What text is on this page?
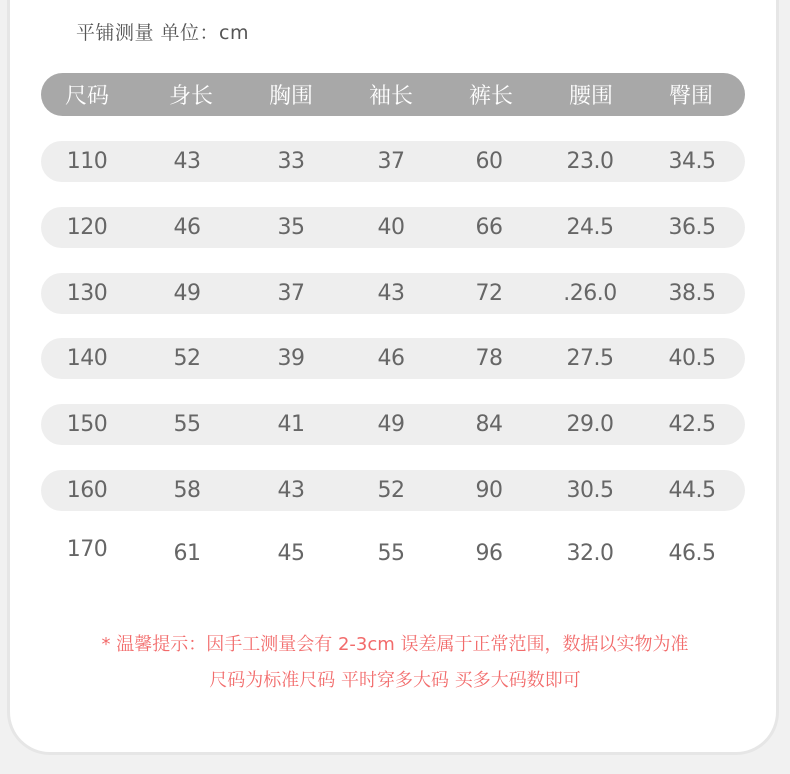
平铺测量 单位：cm
尺码	身长	胸围	袖长	裤长	腰围	臀围
110	43	33	37	60	23.0	34.5
120	46	35	40	66	24.5	36.5
130	49	37	43	72	.26.0	38.5
140	52	39	46	78	27.5	40.5
150	55	41	49	84	29.0	42.5
160	58	43	52	90	30.5	44.5
170	61	45	55	96	32.0	46.5
* 温馨提示：因手工测量会有 2-3cm 误差属于正常范围，数据以实物为准
尺码为标准尺码 平时穿多大码 买多大码数即可
